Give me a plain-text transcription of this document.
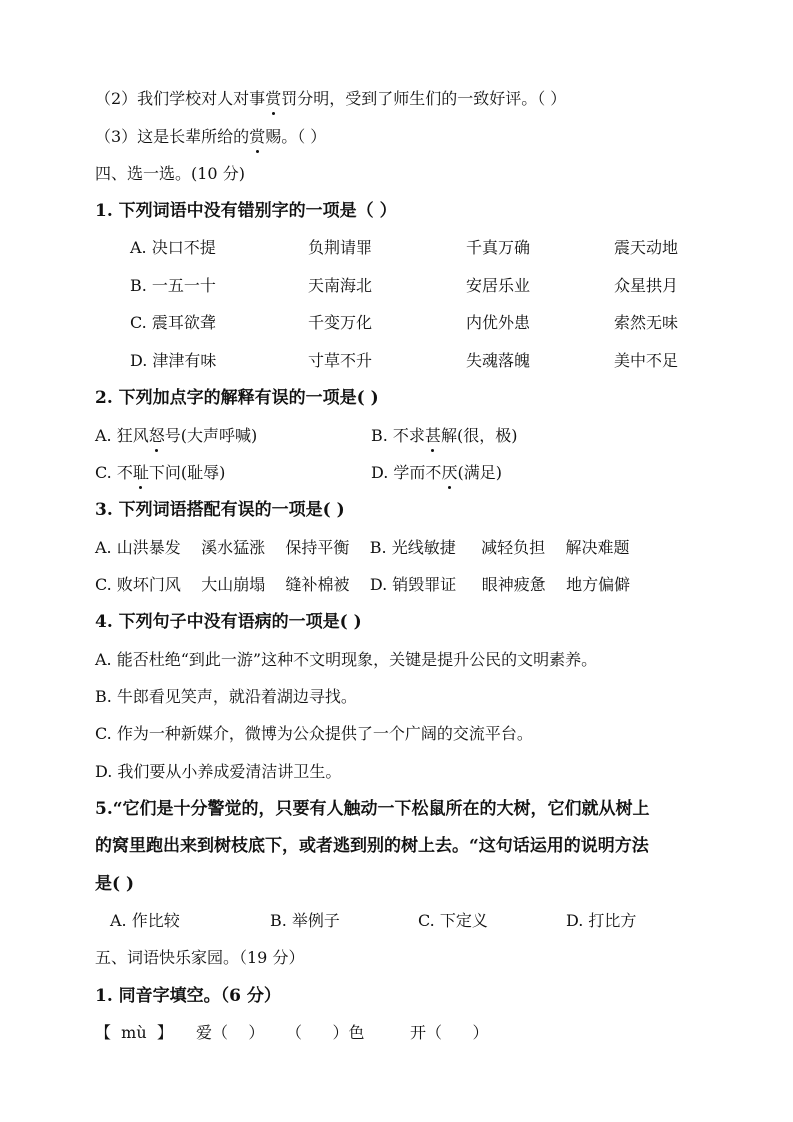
（2）我们学校对人对事赏罚分明，受到了师生们的一致好评。（ ）
（3）这是长辈所给的赏赐。（ ）
四、选一选。(10 分)
1. 下列词语中没有错别字的一项是（ ）
A. 决口不提	负荆请罪	千真万确	震天动地
B. 一五一十	天南海北	安居乐业	众星拱月
C. 震耳欲聋	千变万化	内优外患	索然无味
D. 津津有味	寸草不升	失魂落魄	美中不足
2. 下列加点字的解释有误的一项是( )
A. 狂风怒号(大声呼喊)	B. 不求甚解(很，极)
C. 不耻下问(耻辱)	D. 学而不厌(满足)
3. 下列词语搭配有误的一项是( )
A. 山洪暴发    溪水猛涨    保持平衡    B. 光线敏捷     减轻负担    解决难题
C. 败坏门风    大山崩塌    缝补棉被    D. 销毁罪证     眼神疲惫    地方偏僻
4. 下列句子中没有语病的一项是( )
A. 能否杜绝“到此一游”这种不文明现象，关键是提升公民的文明素养。
B. 牛郎看见笑声，就沿着湖边寻找。
C. 作为一种新媒介，微博为公众提供了一个广阔的交流平台。
D. 我们要从小养成爱清洁讲卫生。
5.“它们是十分警觉的，只要有人触动一下松鼠所在的大树，它们就从树上
的窝里跑出来到树枝底下，或者逃到别的树上去。“这句话运用的说明方法
是( )
A. 作比较	B. 举例子	C. 下定义	D. 打比方
五、词语快乐家园。（19 分）
1. 同音字填空。（6 分）
【  mù  】 爱（    ） （      ）色	开（      ）
